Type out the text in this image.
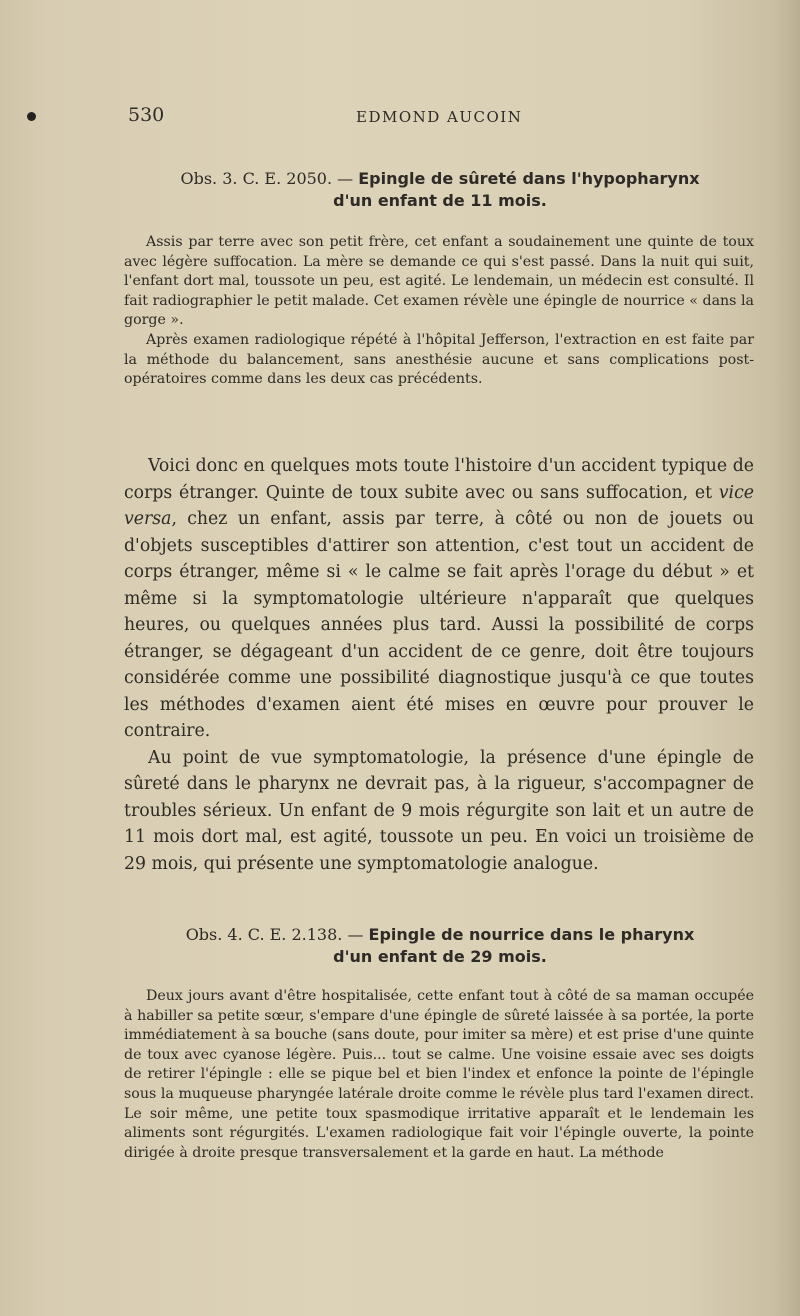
530	EDMOND AUCOIN
Obs. 3. C. E. 2050. — Epingle de sûreté dans l'hypopharynx
d'un enfant de 11 mois.

Assis par terre avec son petit frère, cet enfant a soudainement une quinte de toux avec légère suffocation. La mère se demande ce qui s'est passé. Dans la nuit qui suit, l'enfant dort mal, toussote un peu, est agité. Le lendemain, un médecin est consulté. Il fait radiographier le petit malade. Cet examen révèle une épingle de nourrice « dans la gorge ».

Après examen radiologique répété à l'hôpital Jefferson, l'extraction en est faite par la méthode du balancement, sans anesthésie aucune et sans complications post-opératoires comme dans les deux cas précédents.

Voici donc en quelques mots toute l'histoire d'un accident typique de corps étranger. Quinte de toux subite avec ou sans suffocation, et vice versa, chez un enfant, assis par terre, à côté ou non de jouets ou d'objets susceptibles d'attirer son attention, c'est tout un accident de corps étranger, même si « le calme se fait après l'orage du début » et même si la symptomatologie ultérieure n'apparaît que quelques heures, ou quelques années plus tard. Aussi la possibilité de corps étranger, se dégageant d'un accident de ce genre, doit être toujours considérée comme une possibilité diagnostique jusqu'à ce que toutes les méthodes d'examen aient été mises en œuvre pour prouver le contraire.

Au point de vue symptomatologie, la présence d'une épingle de sûreté dans le pharynx ne devrait pas, à la rigueur, s'accompagner de troubles sérieux. Un enfant de 9 mois régurgite son lait et un autre de 11 mois dort mal, est agité, toussote un peu. En voici un troisième de 29 mois, qui présente une symptomatologie analogue.

Obs. 4. C. E. 2.138. — Epingle de nourrice dans le pharynx
d'un enfant de 29 mois.

Deux jours avant d'être hospitalisée, cette enfant tout à côté de sa maman occupée à habiller sa petite sœur, s'empare d'une épingle de sûreté laissée à sa portée, la porte immédiatement à sa bouche (sans doute, pour imiter sa mère) et est prise d'une quinte de toux avec cyanose légère. Puis... tout se calme. Une voisine essaie avec ses doigts de retirer l'épingle : elle se pique bel et bien l'index et enfonce la pointe de l'épingle sous la muqueuse pharyngée latérale droite comme le révèle plus tard l'examen direct. Le soir même, une petite toux spasmodique irritative apparaît et le lendemain les aliments sont régurgités. L'examen radiologique fait voir l'épingle ouverte, la pointe dirigée à droite presque transversalement et la garde en haut. La méthode
